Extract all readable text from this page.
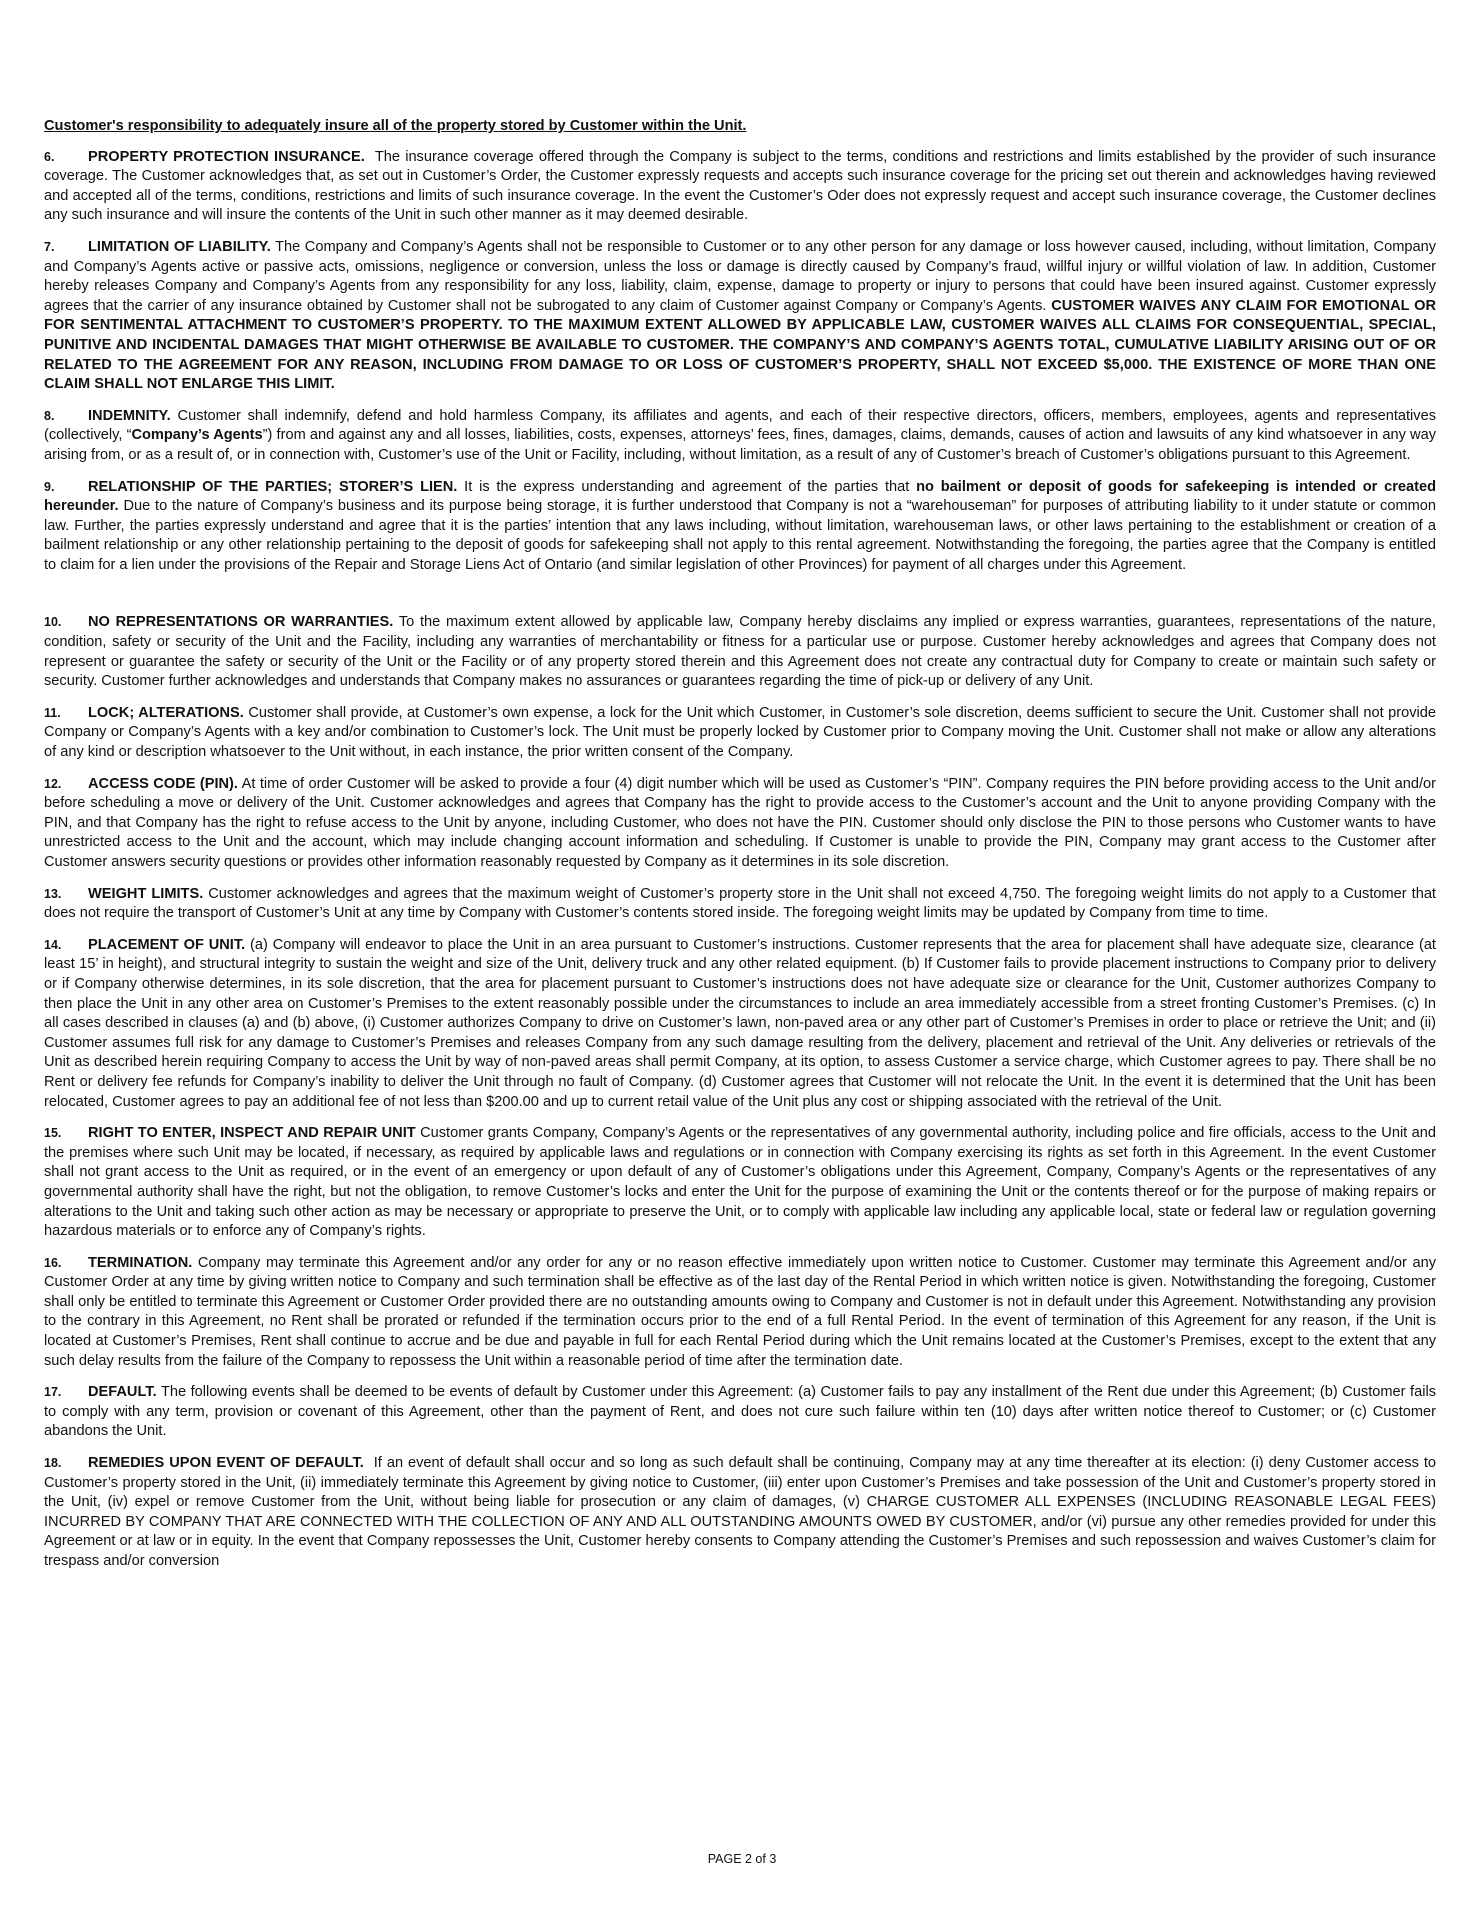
Customer's responsibility to adequately insure all of the property stored by Customer within the Unit.

6. PROPERTY PROTECTION INSURANCE. The insurance coverage offered through the Company is subject to the terms, conditions and restrictions and limits established by the provider of such insurance coverage. The Customer acknowledges that, as set out in Customer’s Order, the Customer expressly requests and accepts such insurance coverage for the pricing set out therein and acknowledges having reviewed and accepted all of the terms, conditions, restrictions and limits of such insurance coverage. In the event the Customer’s Oder does not expressly request and accept such insurance coverage, the Customer declines any such insurance and will insure the contents of the Unit in such other manner as it may deemed desirable.

7. LIMITATION OF LIABILITY. The Company and Company’s Agents shall not be responsible to Customer or to any other person for any damage or loss however caused, including, without limitation, Company and Company’s Agents active or passive acts, omissions, negligence or conversion, unless the loss or damage is directly caused by Company’s fraud, willful injury or willful violation of law. In addition, Customer hereby releases Company and Company’s Agents from any responsibility for any loss, liability, claim, expense, damage to property or injury to persons that could have been insured against. Customer expressly agrees that the carrier of any insurance obtained by Customer shall not be subrogated to any claim of Customer against Company or Company’s Agents. CUSTOMER WAIVES ANY CLAIM FOR EMOTIONAL OR FOR SENTIMENTAL ATTACHMENT TO CUSTOMER’S PROPERTY. TO THE MAXIMUM EXTENT ALLOWED BY APPLICABLE LAW, CUSTOMER WAIVES ALL CLAIMS FOR CONSEQUENTIAL, SPECIAL, PUNITIVE AND INCIDENTAL DAMAGES THAT MIGHT OTHERWISE BE AVAILABLE TO CUSTOMER. THE COMPANY’S AND COMPANY’S AGENTS TOTAL, CUMULATIVE LIABILITY ARISING OUT OF OR RELATED TO THE AGREEMENT FOR ANY REASON, INCLUDING FROM DAMAGE TO OR LOSS OF CUSTOMER’S PROPERTY, SHALL NOT EXCEED $5,000. THE EXISTENCE OF MORE THAN ONE CLAIM SHALL NOT ENLARGE THIS LIMIT.

8. INDEMNITY. Customer shall indemnify, defend and hold harmless Company, its affiliates and agents, and each of their respective directors, officers, members, employees, agents and representatives (collectively, “Company’s Agents”) from and against any and all losses, liabilities, costs, expenses, attorneys’ fees, fines, damages, claims, demands, causes of action and lawsuits of any kind whatsoever in any way arising from, or as a result of, or in connection with, Customer’s use of the Unit or Facility, including, without limitation, as a result of any of Customer’s breach of Customer’s obligations pursuant to this Agreement.

9. RELATIONSHIP OF THE PARTIES; STORER’S LIEN. It is the express understanding and agreement of the parties that no bailment or deposit of goods for safekeeping is intended or created hereunder. Due to the nature of Company’s business and its purpose being storage, it is further understood that Company is not a “warehouseman” for purposes of attributing liability to it under statute or common law. Further, the parties expressly understand and agree that it is the parties’ intention that any laws including, without limitation, warehouseman laws, or other laws pertaining to the establishment or creation of a bailment relationship or any other relationship pertaining to the deposit of goods for safekeeping shall not apply to this rental agreement. Notwithstanding the foregoing, the parties agree that the Company is entitled to claim for a lien under the provisions of the Repair and Storage Liens Act of Ontario (and similar legislation of other Provinces) for payment of all charges under this Agreement.

10. NO REPRESENTATIONS OR WARRANTIES. To the maximum extent allowed by applicable law, Company hereby disclaims any implied or express warranties, guarantees, representations of the nature, condition, safety or security of the Unit and the Facility, including any warranties of merchantability or fitness for a particular use or purpose. Customer hereby acknowledges and agrees that Company does not represent or guarantee the safety or security of the Unit or the Facility or of any property stored therein and this Agreement does not create any contractual duty for Company to create or maintain such safety or security. Customer further acknowledges and understands that Company makes no assurances or guarantees regarding the time of pick-up or delivery of any Unit.

11. LOCK; ALTERATIONS. Customer shall provide, at Customer’s own expense, a lock for the Unit which Customer, in Customer’s sole discretion, deems sufficient to secure the Unit. Customer shall not provide Company or Company’s Agents with a key and/or combination to Customer’s lock. The Unit must be properly locked by Customer prior to Company moving the Unit. Customer shall not make or allow any alterations of any kind or description whatsoever to the Unit without, in each instance, the prior written consent of the Company.

12. ACCESS CODE (PIN). At time of order Customer will be asked to provide a four (4) digit number which will be used as Customer’s “PIN”. Company requires the PIN before providing access to the Unit and/or before scheduling a move or delivery of the Unit. Customer acknowledges and agrees that Company has the right to provide access to the Customer’s account and the Unit to anyone providing Company with the PIN, and that Company has the right to refuse access to the Unit by anyone, including Customer, who does not have the PIN. Customer should only disclose the PIN to those persons who Customer wants to have unrestricted access to the Unit and the account, which may include changing account information and scheduling. If Customer is unable to provide the PIN, Company may grant access to the Customer after Customer answers security questions or provides other information reasonably requested by Company as it determines in its sole discretion.

13. WEIGHT LIMITS. Customer acknowledges and agrees that the maximum weight of Customer’s property store in the Unit shall not exceed 4,750. The foregoing weight limits do not apply to a Customer that does not require the transport of Customer’s Unit at any time by Company with Customer’s contents stored inside. The foregoing weight limits may be updated by Company from time to time.

14. PLACEMENT OF UNIT. (a) Company will endeavor to place the Unit in an area pursuant to Customer’s instructions. Customer represents that the area for placement shall have adequate size, clearance (at least 15’ in height), and structural integrity to sustain the weight and size of the Unit, delivery truck and any other related equipment. (b) If Customer fails to provide placement instructions to Company prior to delivery or if Company otherwise determines, in its sole discretion, that the area for placement pursuant to Customer’s instructions does not have adequate size or clearance for the Unit, Customer authorizes Company to then place the Unit in any other area on Customer’s Premises to the extent reasonably possible under the circumstances to include an area immediately accessible from a street fronting Customer’s Premises. (c) In all cases described in clauses (a) and (b) above, (i) Customer authorizes Company to drive on Customer’s lawn, non-paved area or any other part of Customer’s Premises in order to place or retrieve the Unit; and (ii) Customer assumes full risk for any damage to Customer’s Premises and releases Company from any such damage resulting from the delivery, placement and retrieval of the Unit. Any deliveries or retrievals of the Unit as described herein requiring Company to access the Unit by way of non-paved areas shall permit Company, at its option, to assess Customer a service charge, which Customer agrees to pay. There shall be no Rent or delivery fee refunds for Company’s inability to deliver the Unit through no fault of Company. (d) Customer agrees that Customer will not relocate the Unit. In the event it is determined that the Unit has been relocated, Customer agrees to pay an additional fee of not less than $200.00 and up to current retail value of the Unit plus any cost or shipping associated with the retrieval of the Unit.

15. RIGHT TO ENTER, INSPECT AND REPAIR UNIT Customer grants Company, Company’s Agents or the representatives of any governmental authority, including police and fire officials, access to the Unit and the premises where such Unit may be located, if necessary, as required by applicable laws and regulations or in connection with Company exercising its rights as set forth in this Agreement. In the event Customer shall not grant access to the Unit as required, or in the event of an emergency or upon default of any of Customer’s obligations under this Agreement, Company, Company’s Agents or the representatives of any governmental authority shall have the right, but not the obligation, to remove Customer’s locks and enter the Unit for the purpose of examining the Unit or the contents thereof or for the purpose of making repairs or alterations to the Unit and taking such other action as may be necessary or appropriate to preserve the Unit, or to comply with applicable law including any applicable local, state or federal law or regulation governing hazardous materials or to enforce any of Company’s rights.

16. TERMINATION. Company may terminate this Agreement and/or any order for any or no reason effective immediately upon written notice to Customer. Customer may terminate this Agreement and/or any Customer Order at any time by giving written notice to Company and such termination shall be effective as of the last day of the Rental Period in which written notice is given. Notwithstanding the foregoing, Customer shall only be entitled to terminate this Agreement or Customer Order provided there are no outstanding amounts owing to Company and Customer is not in default under this Agreement. Notwithstanding any provision to the contrary in this Agreement, no Rent shall be prorated or refunded if the termination occurs prior to the end of a full Rental Period. In the event of termination of this Agreement for any reason, if the Unit is located at Customer’s Premises, Rent shall continue to accrue and be due and payable in full for each Rental Period during which the Unit remains located at the Customer’s Premises, except to the extent that any such delay results from the failure of the Company to repossess the Unit within a reasonable period of time after the termination date.

17. DEFAULT. The following events shall be deemed to be events of default by Customer under this Agreement: (a) Customer fails to pay any installment of the Rent due under this Agreement; (b) Customer fails to comply with any term, provision or covenant of this Agreement, other than the payment of Rent, and does not cure such failure within ten (10) days after written notice thereof to Customer; or (c) Customer abandons the Unit.

18. REMEDIES UPON EVENT OF DEFAULT. If an event of default shall occur and so long as such default shall be continuing, Company may at any time thereafter at its election: (i) deny Customer access to Customer’s property stored in the Unit, (ii) immediately terminate this Agreement by giving notice to Customer, (iii) enter upon Customer’s Premises and take possession of the Unit and Customer’s property stored in the Unit, (iv) expel or remove Customer from the Unit, without being liable for prosecution or any claim of damages, (v) CHARGE CUSTOMER ALL EXPENSES (INCLUDING REASONABLE LEGAL FEES) INCURRED BY COMPANY THAT ARE CONNECTED WITH THE COLLECTION OF ANY AND ALL OUTSTANDING AMOUNTS OWED BY CUSTOMER, and/or (vi) pursue any other remedies provided for under this Agreement or at law or in equity. In the event that Company repossesses the Unit, Customer hereby consents to Company attending the Customer’s Premises and such repossession and waives Customer’s claim for trespass and/or conversion

PAGE 2 of 3
